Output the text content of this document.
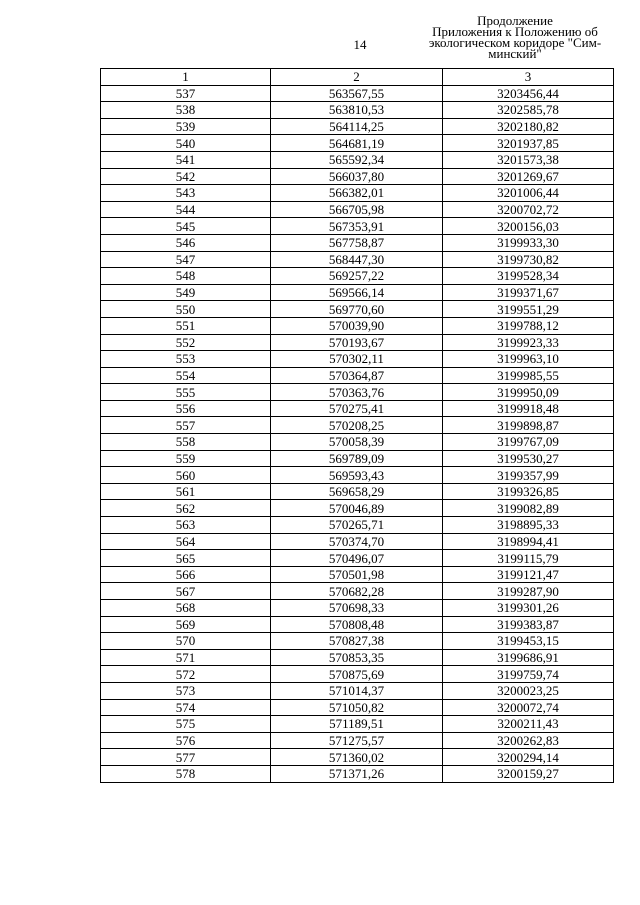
14
Продолжение
Приложения к Положению об
экологическом коридоре "Сим-
минский"
1	2	3
537	563567,55	3203456,44
538	563810,53	3202585,78
539	564114,25	3202180,82
540	564681,19	3201937,85
541	565592,34	3201573,38
542	566037,80	3201269,67
543	566382,01	3201006,44
544	566705,98	3200702,72
545	567353,91	3200156,03
546	567758,87	3199933,30
547	568447,30	3199730,82
548	569257,22	3199528,34
549	569566,14	3199371,67
550	569770,60	3199551,29
551	570039,90	3199788,12
552	570193,67	3199923,33
553	570302,11	3199963,10
554	570364,87	3199985,55
555	570363,76	3199950,09
556	570275,41	3199918,48
557	570208,25	3199898,87
558	570058,39	3199767,09
559	569789,09	3199530,27
560	569593,43	3199357,99
561	569658,29	3199326,85
562	570046,89	3199082,89
563	570265,71	3198895,33
564	570374,70	3198994,41
565	570496,07	3199115,79
566	570501,98	3199121,47
567	570682,28	3199287,90
568	570698,33	3199301,26
569	570808,48	3199383,87
570	570827,38	3199453,15
571	570853,35	3199686,91
572	570875,69	3199759,74
573	571014,37	3200023,25
574	571050,82	3200072,74
575	571189,51	3200211,43
576	571275,57	3200262,83
577	571360,02	3200294,14
578	571371,26	3200159,27
